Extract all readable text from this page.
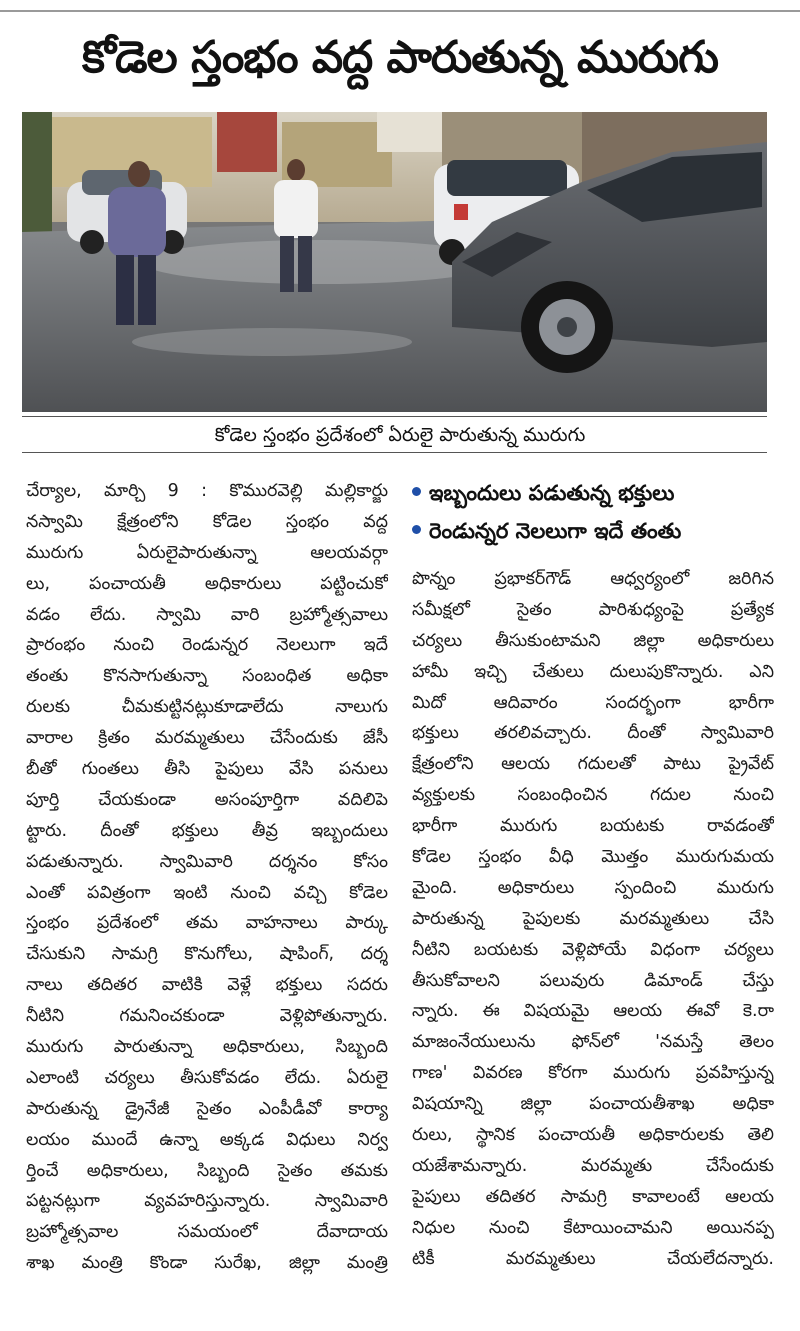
కోడెల స్తంభం వద్ద పారుతున్న మురుగు
కోడెల స్తంభం ప్రదేశంలో ఏరులై పారుతున్న మురుగు
చేర్యాల, మార్చి 9 : కొమురవెల్లి మల్లికార్జు
నస్వామి క్షేత్రంలోని కోడెల స్తంభం వద్ద
మురుగు ఏరులైపారుతున్నా ఆలయవర్గా
లు, పంచాయతీ అధికారులు పట్టించుకో
వడం లేదు. స్వామి వారి బ్రహ్మోత్సవాలు
ప్రారంభం నుంచి రెండున్నర నెలలుగా ఇదే
తంతు కొనసాగుతున్నా సంబంధిత అధికా
రులకు చీమకుట్టినట్లుకూడాలేదు నాలుగు
వారాల క్రితం మరమ్మతులు చేసేందుకు జేసీ
బీతో గుంతలు తీసి పైపులు వేసి పనులు
పూర్తి చేయకుండా అసంపూర్తిగా వదిలిపె
ట్టారు. దీంతో భక్తులు తీవ్ర ఇబ్బందులు
పడుతున్నారు. స్వామివారి దర్శనం కోసం
ఎంతో పవిత్రంగా ఇంటి నుంచి వచ్చి కోడెల
స్తంభం ప్రదేశంలో తమ వాహనాలు పార్కు
చేసుకుని సామగ్రి కొనుగోలు, షాపింగ్, దర్శ
నాలు తదితర వాటికి వెళ్లే భక్తులు సదరు
నీటిని గమనించకుండా వెళ్లిపోతున్నారు.
మురుగు పారుతున్నా అధికారులు, సిబ్బంది
ఎలాంటి చర్యలు తీసుకోవడం లేదు. ఏరులై
పారుతున్న డ్రైనేజీ సైతం ఎంపీడీవో కార్యా
లయం ముందే ఉన్నా అక్కడ విధులు నిర్వ
ర్తించే అధికారులు, సిబ్బంది సైతం తమకు
పట్టనట్లుగా వ్యవహరిస్తున్నారు. స్వామివారి
బ్రహ్మోత్సవాల సమయంలో దేవాదాయ
శాఖ మంత్రి కొండా సురేఖ, జిల్లా మంత్రి
ఇబ్బందులు పడుతున్న భక్తులు
రెండున్నర నెలలుగా ఇదే తంతు
పొన్నం ప్రభాకర్‌గౌడ్ ఆధ్వర్యంలో జరిగిన
సమీక్షలో సైతం పారిశుధ్యంపై ప్రత్యేక
చర్యలు తీసుకుంటామని జిల్లా అధికారులు
హామీ ఇచ్చి చేతులు దులుపుకొన్నారు. ఎని
మిదో ఆదివారం సందర్భంగా భారీగా
భక్తులు తరలివచ్చారు. దీంతో స్వామివారి
క్షేత్రంలోని ఆలయ గదులతో పాటు ప్రైవేట్
వ్యక్తులకు సంబంధించిన గదుల నుంచి
భారీగా మురుగు బయటకు రావడంతో
కోడెల స్తంభం వీధి మొత్తం మురుగుమయ
మైంది. అధికారులు స్పందించి మురుగు
పారుతున్న పైపులకు మరమ్మతులు చేసి
నీటిని బయటకు వెళ్లిపోయే విధంగా చర్యలు
తీసుకోవాలని పలువురు డిమాండ్ చేస్తు
న్నారు. ఈ విషయమై ఆలయ ఈవో కె.రా
మాజంనేయులును ఫోన్‌లో 'నమస్తే తెలం
గాణ' వివరణ కోరగా మురుగు ప్రవహిస్తున్న
విషయాన్ని జిల్లా పంచాయతీశాఖ అధికా
రులు, స్థానిక పంచాయతీ అధికారులకు తెలి
యజేశామన్నారు. మరమ్మతు చేసేందుకు
పైపులు తదితర సామగ్రి కావాలంటే ఆలయ
నిధుల నుంచి కేటాయించామని అయినప్ప
టికీ మరమ్మతులు చేయలేదన్నారు.
